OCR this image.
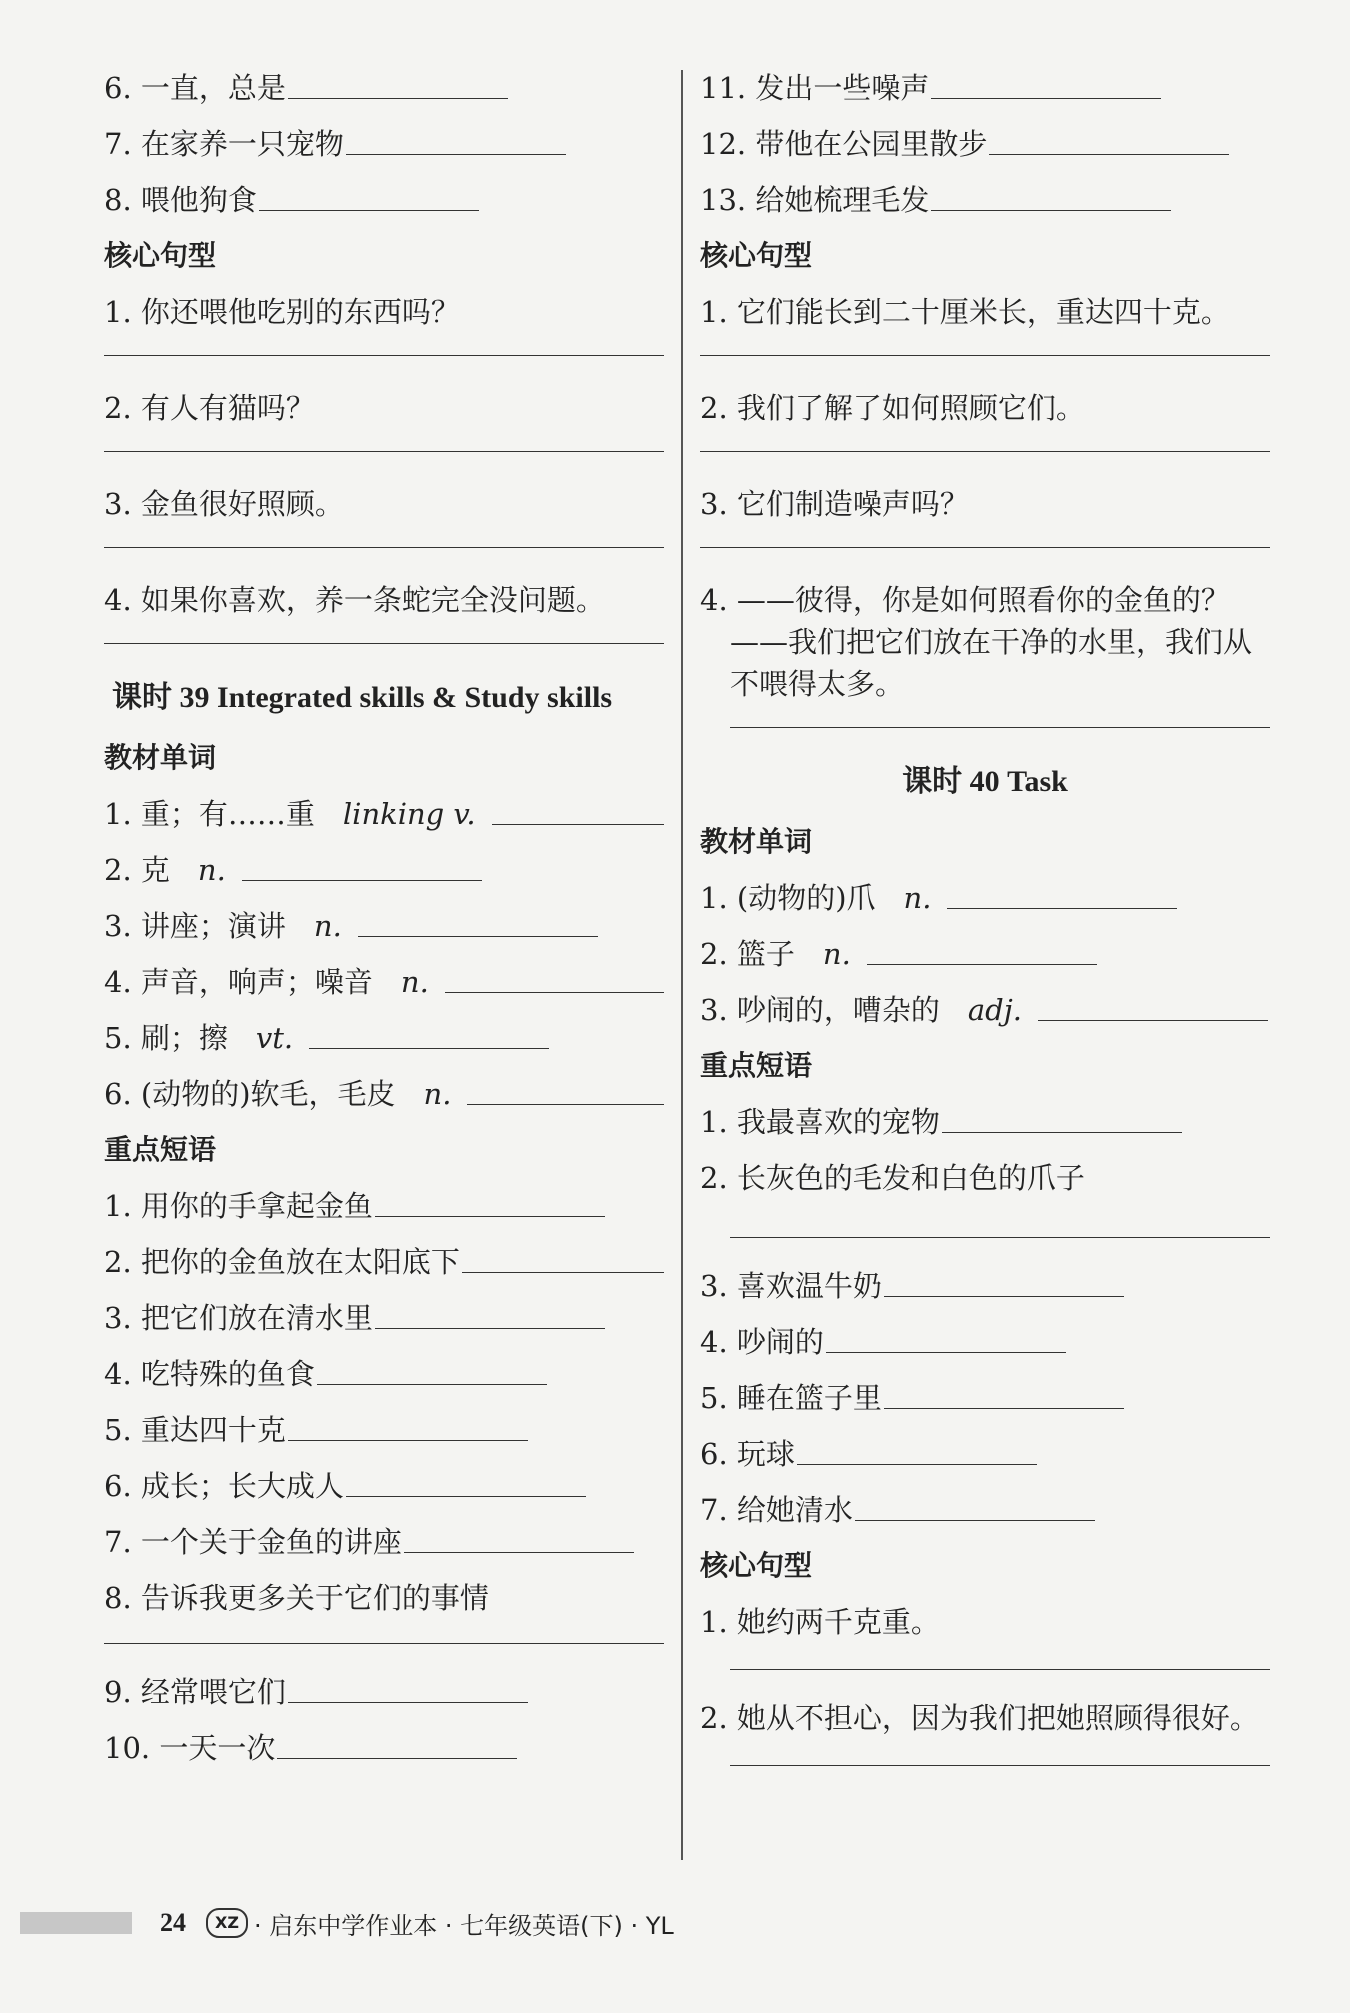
6. 一直，总是
7. 在家养一只宠物
8. 喂他狗食
核心句型
1. 你还喂他吃别的东西吗？
2. 有人有猫吗？
3. 金鱼很好照顾。
4. 如果你喜欢，养一条蛇完全没问题。
课时 39 Integrated skills & Study skills
教材单词
1. 重；有……重 linking v.
2. 克 n.
3. 讲座；演讲 n.
4. 声音，响声；噪音 n.
5. 刷；擦 vt.
6. (动物的)软毛，毛皮 n.
重点短语
1. 用你的手拿起金鱼
2. 把你的金鱼放在太阳底下
3. 把它们放在清水里
4. 吃特殊的鱼食
5. 重达四十克
6. 成长；长大成人
7. 一个关于金鱼的讲座
8. 告诉我更多关于它们的事情
9. 经常喂它们
10. 一天一次
11. 发出一些噪声
12. 带他在公园里散步
13. 给她梳理毛发
核心句型
1. 它们能长到二十厘米长，重达四十克。
2. 我们了解了如何照顾它们。
3. 它们制造噪声吗？
4. ——彼得，你是如何照看你的金鱼的？
——我们把它们放在干净的水里，我们从
不喂得太多。
课时 40 Task
教材单词
1. (动物的)爪 n.
2. 篮子 n.
3. 吵闹的，嘈杂的 adj.
重点短语
1. 我最喜欢的宠物
2. 长灰色的毛发和白色的爪子
3. 喜欢温牛奶
4. 吵闹的
5. 睡在篮子里
6. 玩球
7. 给她清水
核心句型
1. 她约两千克重。
2. 她从不担心，因为我们把她照顾得很好。
24	XZ · 启东中学作业本 · 七年级英语(下) · YL
